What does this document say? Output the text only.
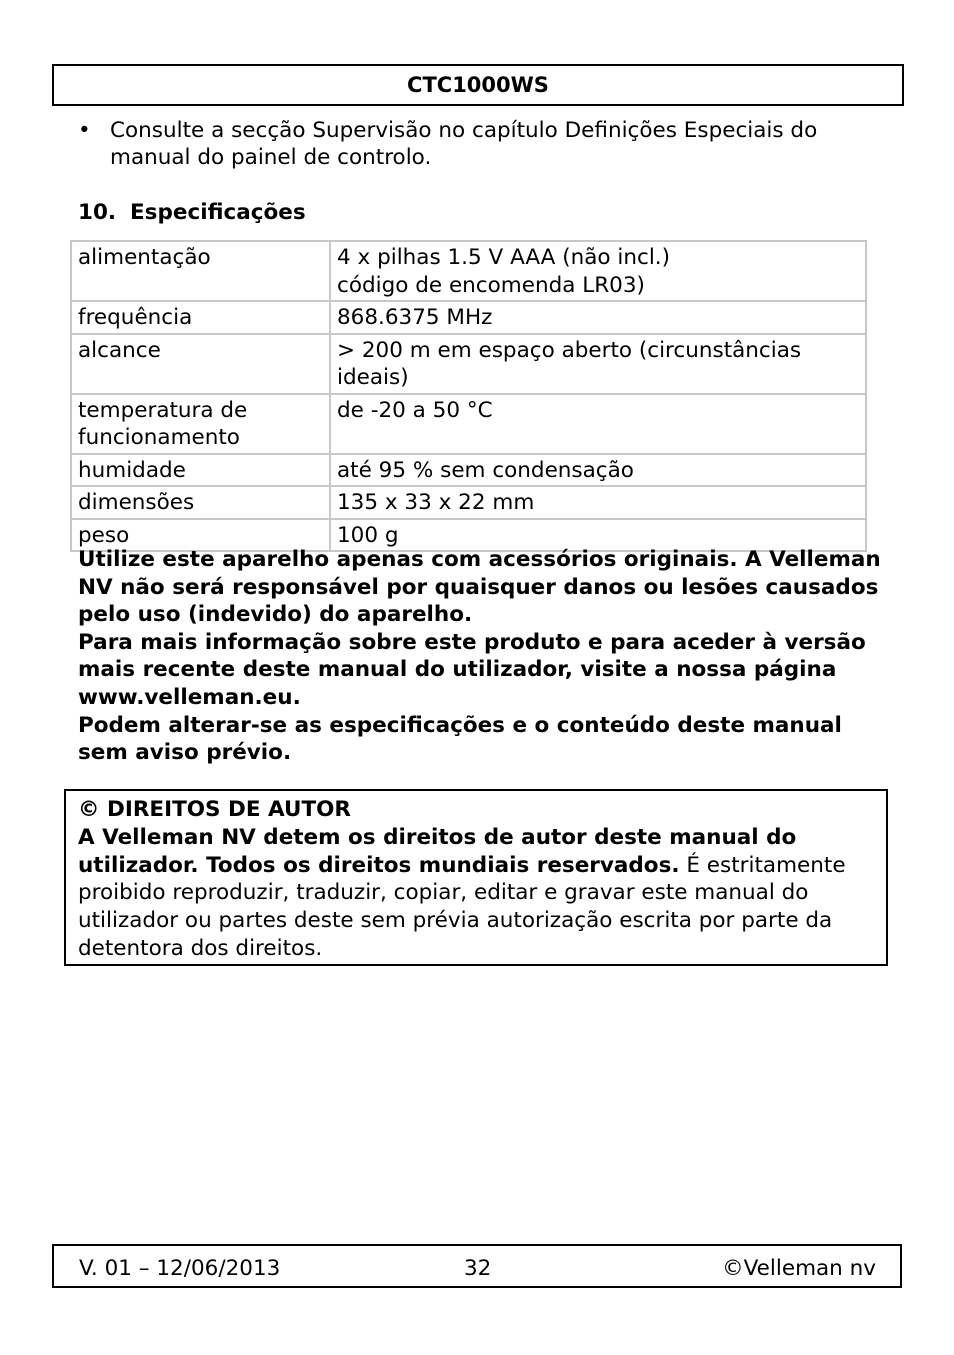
CTC1000WS
• Consulte a secção Supervisão no capítulo Definições Especiais do manual do painel de controlo.
10. Especificações
alimentação	4 x pilhas 1.5 V AAA (não incl.)
código de encomenda LR03)

frequência	868.6375 MHz

alcance	> 200 m em espaço aberto (circunstâncias ideais)

temperatura de funcionamento	de -20 a 50 °C

humidade	até 95 % sem condensação

dimensões	135 x 33 x 22 mm

peso	100 g
Utilize este aparelho apenas com acessórios originais. A Velleman NV não será responsável por quaisquer danos ou lesões causados pelo uso (indevido) do aparelho.
Para mais informação sobre este produto e para aceder à versão mais recente deste manual do utilizador, visite a nossa página www.velleman.eu.
Podem alterar-se as especificações e o conteúdo deste manual sem aviso prévio.
© DIREITOS DE AUTOR
A Velleman NV detem os direitos de autor deste manual do utilizador. Todos os direitos mundiais reservados. É estritamente proibido reproduzir, traduzir, copiar, editar e gravar este manual do utilizador ou partes deste sem prévia autorização escrita por parte da detentora dos direitos.
V. 01 – 12/06/2013	32	©Velleman nv
